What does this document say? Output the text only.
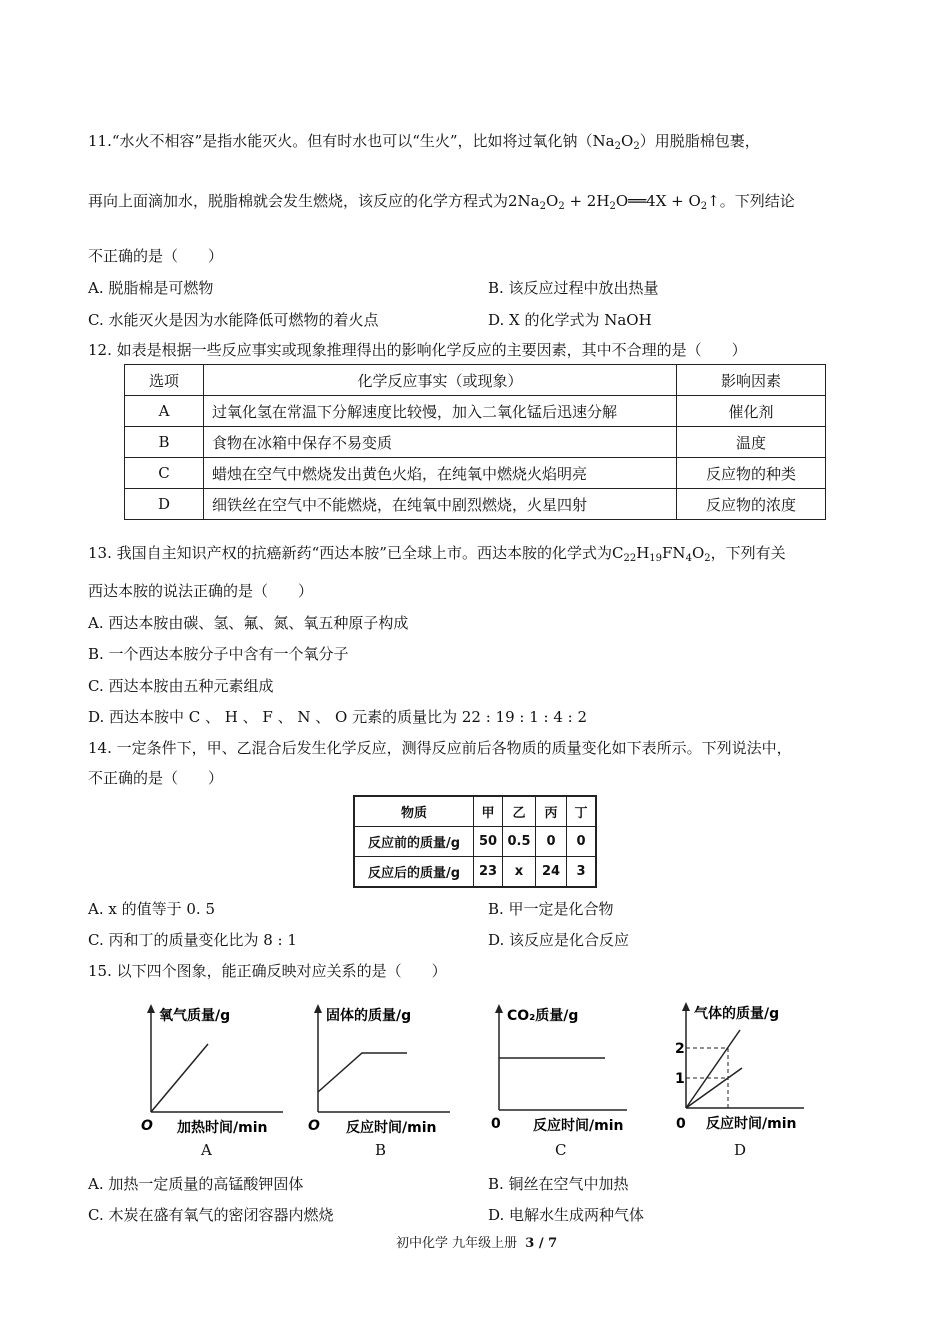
11.“水火不相容”是指水能灭火。但有时水也可以“生火”，比如将过氧化钠$(Na_2O_2)$用脱脂棉包裹，
再向上面滴加水，脱脂棉就会发生燃烧，该反应的化学方程式为$2Na_2O_2$ + $2H_2O══4X$ + $O_2↑$。下列结论
不正确的是（　　）
A. 脱脂棉是可燃物	B. 该反应过程中放出热量
C. 水能灭火是因为水能降低可燃物的着火点	D. X 的化学式为 NaOH
12. 如表是根据一些反应事实或现象推理得出的影响化学反应的主要因素，其中不合理的是（　　）
选项	化学反应事实（或现象）	影响因素
A	过氧化氢在常温下分解速度比较慢，加入二氧化锰后迅速分解	催化剂
B	食物在冰箱中保存不易变质	温度
C	蜡烛在空气中燃烧发出黄色火焰，在纯氧中燃烧火焰明亮	反应物的种类
D	细铁丝在空气中不能燃烧，在纯氧中剧烈燃烧，火星四射	反应物的浓度
13. 我国自主知识产权的抗癌新药“西达本胺”已全球上市。西达本胺的化学式为$C_{22}H_{19}FN_4O_2$，下列有关
西达本胺的说法正确的是（　　）
A. 西达本胺由碳、氢、氟、氮、氧五种原子构成
B. 一个西达本胺分子中含有一个氧分子
C. 西达本胺由五种元素组成
D. 西达本胺中 C 、 H 、 F 、 N 、 O 元素的质量比为 22 : 19 : 1 : 4 : 2
14. 一定条件下，甲、乙混合后发生化学反应，测得反应前后各物质的质量变化如下表所示。下列说法中，
不正确的是（　　）
物质	甲	乙	丙	丁
反应前的质量/g	50	0.5	0	0
反应后的质量/g	23	x	24	3
A. x 的值等于 0. 5	B. 甲一定是化合物
C. 丙和丁的质量变化比为 8 : 1	D. 该反应是化合反应
15. 以下四个图象，能正确反映对应关系的是（　　）
氧气质量/g
加热时间/min
O
A
固体的质量/g
反应时间/min
O
B
CO₂质量/g
反应时间/min
0
C
气体的质量/g
反应时间/min
0
2
1
D
A. 加热一定质量的高锰酸钾固体	B. 铜丝在空气中加热
C. 木炭在盛有氧气的密闭容器内燃烧	D. 电解水生成两种气体
初中化学 九年级上册 3 / 7
